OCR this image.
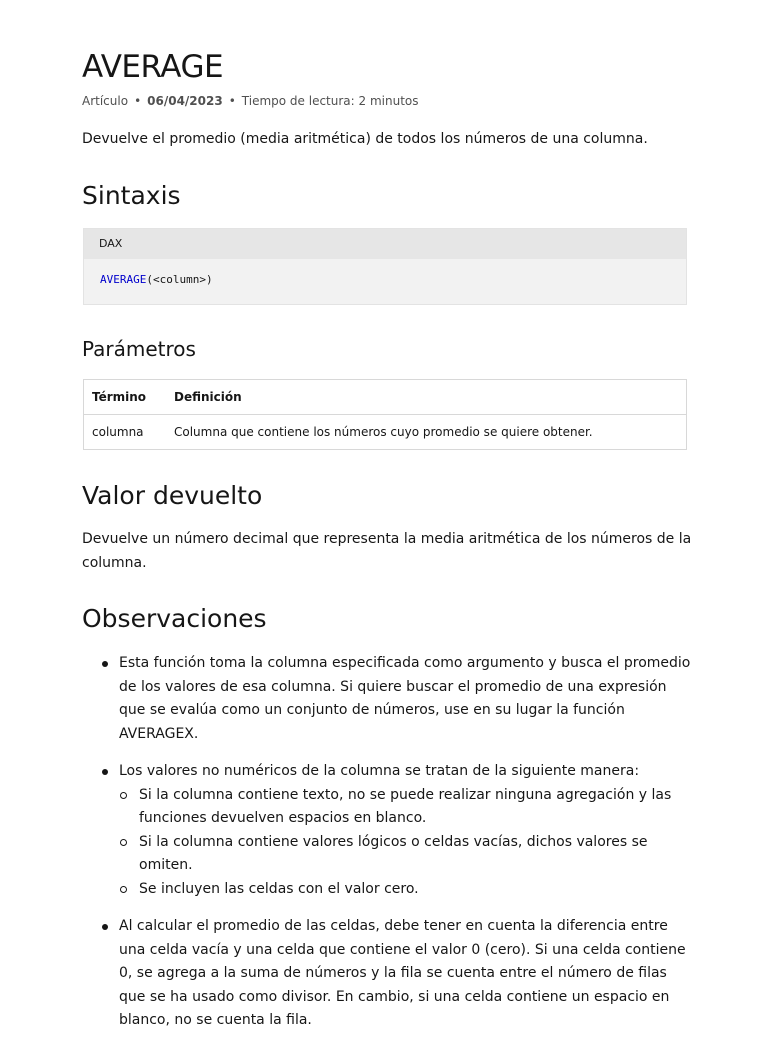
AVERAGE
Artículo • 06/04/2023 • Tiempo de lectura: 2 minutos

Devuelve el promedio (media aritmética) de todos los números de una columna.

Sintaxis
DAX
AVERAGE(<column>)
Parámetros
Término	Definición
columna	Columna que contiene los números cuyo promedio se quiere obtener.
Valor devuelto

Devuelve un número decimal que representa la media aritmética de los números de la columna.

Observaciones
Esta función toma la columna especificada como argumento y busca el promedio de los valores de esa columna. Si quiere buscar el promedio de una expresión que se evalúa como un conjunto de números, use en su lugar la función AVERAGEX.
Los valores no numéricos de la columna se tratan de la siguiente manera:
Si la columna contiene texto, no se puede realizar ninguna agregación y las funciones devuelven espacios en blanco.
Si la columna contiene valores lógicos o celdas vacías, dichos valores se omiten.
Se incluyen las celdas con el valor cero.
Al calcular el promedio de las celdas, debe tener en cuenta la diferencia entre una celda vacía y una celda que contiene el valor 0 (cero). Si una celda contiene 0, se agrega a la suma de números y la fila se cuenta entre el número de filas que se ha usado como divisor. En cambio, si una celda contiene un espacio en blanco, no se cuenta la fila.
